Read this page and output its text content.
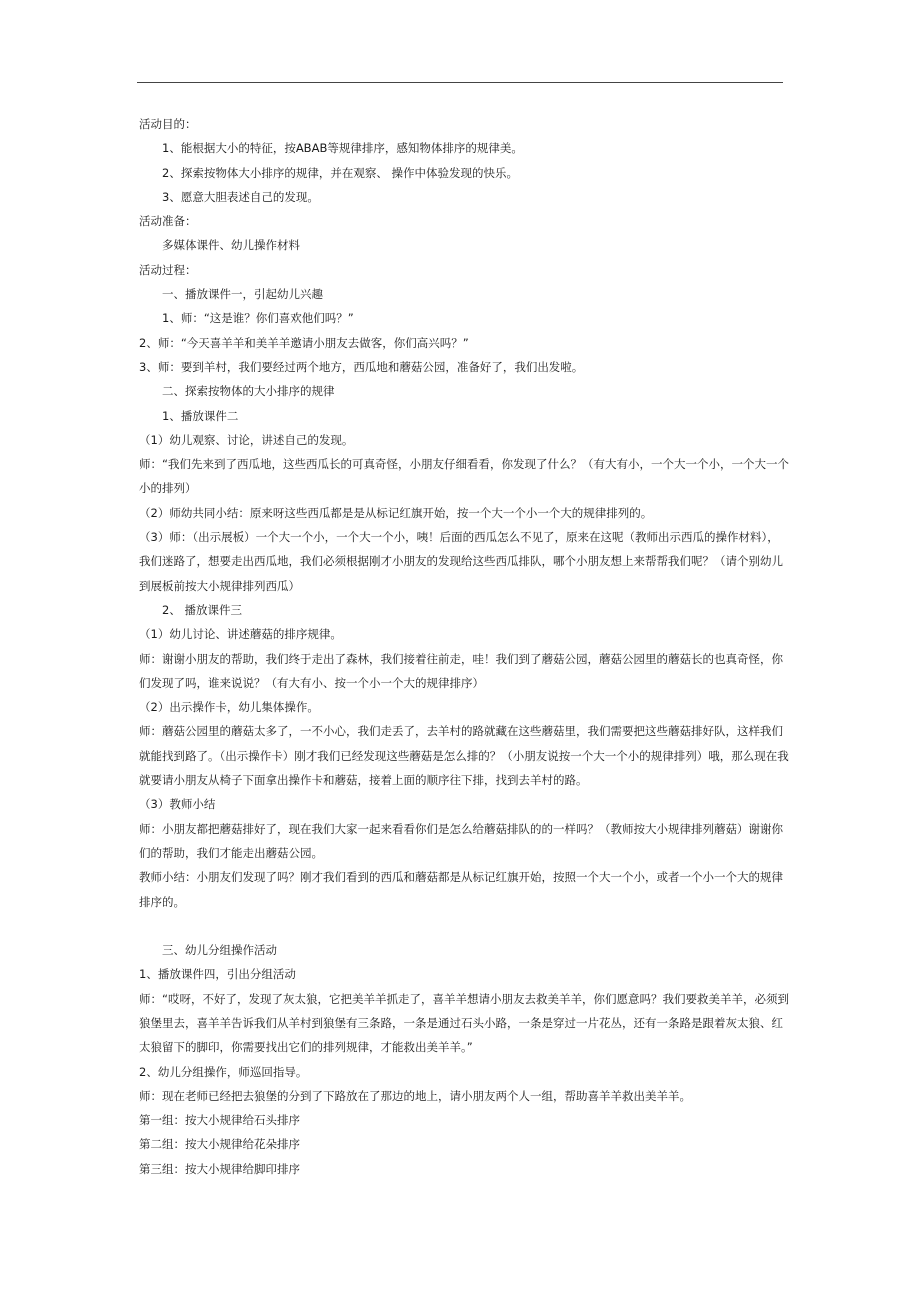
活动目的：

1、能根据大小的特征，按ABAB等规律排序，感知物体排序的规律美。

2、探索按物体大小排序的规律，并在观察、 操作中体验发现的快乐。

3、愿意大胆表述自己的发现。

活动准备：

多媒体课件、幼儿操作材料

活动过程：

一、播放课件一，引起幼儿兴趣

1、师：“这是谁？你们喜欢他们吗？”

2、师：“今天喜羊羊和美羊羊邀请小朋友去做客，你们高兴吗？”

3、师：要到羊村，我们要经过两个地方，西瓜地和蘑菇公园，准备好了，我们出发啦。

二、探索按物体的大小排序的规律

1、播放课件二

（1）幼儿观察、讨论，讲述自己的发现。

师：“我们先来到了西瓜地，这些西瓜长的可真奇怪，小朋友仔细看看，你发现了什么？（有大有小，一个大一个小，一个大一个小的排列）

（2）师幼共同小结：原来呀这些西瓜都是是从标记红旗开始，按一个大一个小一个大的规律排列的。

（3）师：（出示展板）一个大一个小，一个大一个小，咦！后面的西瓜怎么不见了，原来在这呢（教师出示西瓜的操作材料），我们迷路了，想要走出西瓜地，我们必须根据刚才小朋友的发现给这些西瓜排队，哪个小朋友想上来帮帮我们呢？（请个别幼儿到展板前按大小规律排列西瓜）

2、 播放课件三

（1）幼儿讨论、讲述蘑菇的排序规律。

师：谢谢小朋友的帮助，我们终于走出了森林，我们接着往前走，哇！我们到了蘑菇公园，蘑菇公园里的蘑菇长的也真奇怪，你们发现了吗，谁来说说？（有大有小、按一个小一个大的规律排序）

（2）出示操作卡，幼儿集体操作。

师：蘑菇公园里的蘑菇太多了，一不小心，我们走丢了，去羊村的路就藏在这些蘑菇里，我们需要把这些蘑菇排好队，这样我们就能找到路了。（出示操作卡）刚才我们已经发现这些蘑菇是怎么排的？（小朋友说按一个大一个小的规律排列）哦，那么现在我就要请小朋友从椅子下面拿出操作卡和蘑菇，接着上面的顺序往下排，找到去羊村的路。

（3）教师小结

师：小朋友都把蘑菇排好了，现在我们大家一起来看看你们是怎么给蘑菇排队的的一样吗？（教师按大小规律排列蘑菇）谢谢你们的帮助，我们才能走出蘑菇公园。

教师小结：小朋友们发现了吗？刚才我们看到的西瓜和蘑菇都是从标记红旗开始，按照一个大一个小，或者一个小一个大的规律排序的。

三、幼儿分组操作活动

1、播放课件四，引出分组活动

师：“哎呀，不好了，发现了灰太狼，它把美羊羊抓走了，喜羊羊想请小朋友去救美羊羊，你们愿意吗？我们要救美羊羊，必须到狼堡里去，喜羊羊告诉我们从羊村到狼堡有三条路，一条是通过石头小路，一条是穿过一片花丛，还有一条路是跟着灰太狼、红太狼留下的脚印，你需要找出它们的排列规律，才能救出美羊羊。”

2、幼儿分组操作，师巡回指导。

师：现在老师已经把去狼堡的分到了下路放在了那边的地上，请小朋友两个人一组，帮助喜羊羊救出美羊羊。

第一组：按大小规律给石头排序

第二组：按大小规律给花朵排序

第三组：按大小规律给脚印排序
